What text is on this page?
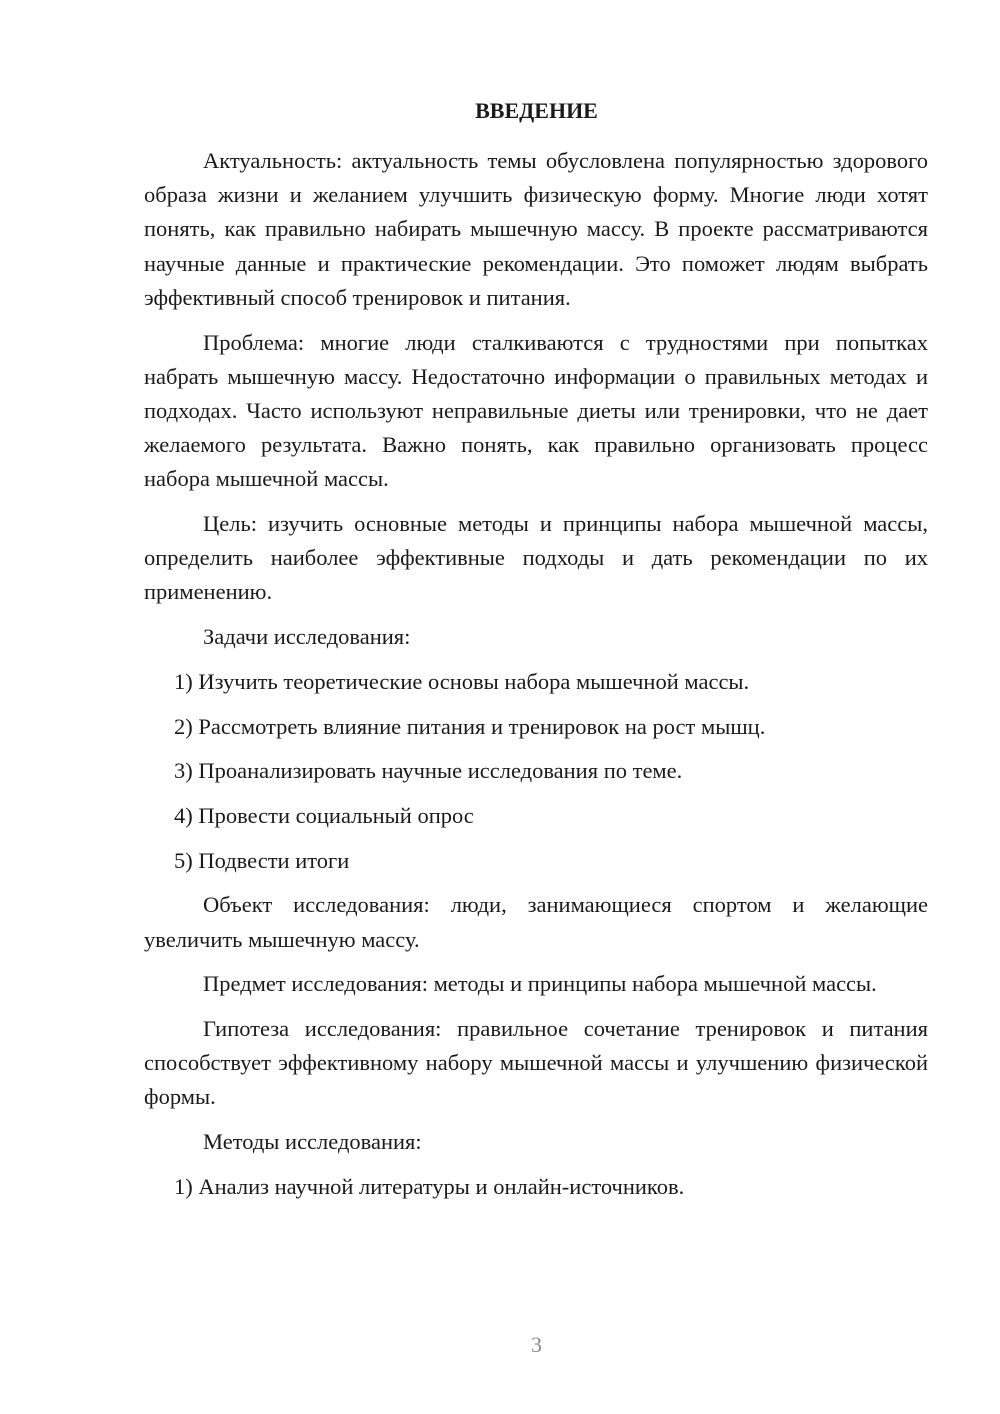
ВВЕДЕНИЕ

Актуальность: актуальность темы обусловлена популярностью здорового образа жизни и желанием улучшить физическую форму. Многие люди хотят понять, как правильно набирать мышечную массу. В проекте рассматриваются научные данные и практические рекомендации. Это поможет людям выбрать эффективный способ тренировок и питания.

Проблема: многие люди сталкиваются с трудностями при попытках набрать мышечную массу. Недостаточно информации о правильных методах и подходах. Часто используют неправильные диеты или тренировки, что не дает желаемого результата. Важно понять, как правильно организовать процесс набора мышечной массы.

Цель: изучить основные методы и принципы набора мышечной массы, определить наиболее эффективные подходы и дать рекомендации по их применению.

Задачи исследования:

1) Изучить теоретические основы набора мышечной массы.

2) Рассмотреть влияние питания и тренировок на рост мышц.

3) Проанализировать научные исследования по теме.

4) Провести социальный опрос

5) Подвести итоги

Объект исследования: люди, занимающиеся спортом и желающие увеличить мышечную массу.

Предмет исследования: методы и принципы набора мышечной массы.

Гипотеза исследования: правильное сочетание тренировок и питания способствует эффективному набору мышечной массы и улучшению физической формы.

Методы исследования:

1) Анализ научной литературы и онлайн-источников.

3
